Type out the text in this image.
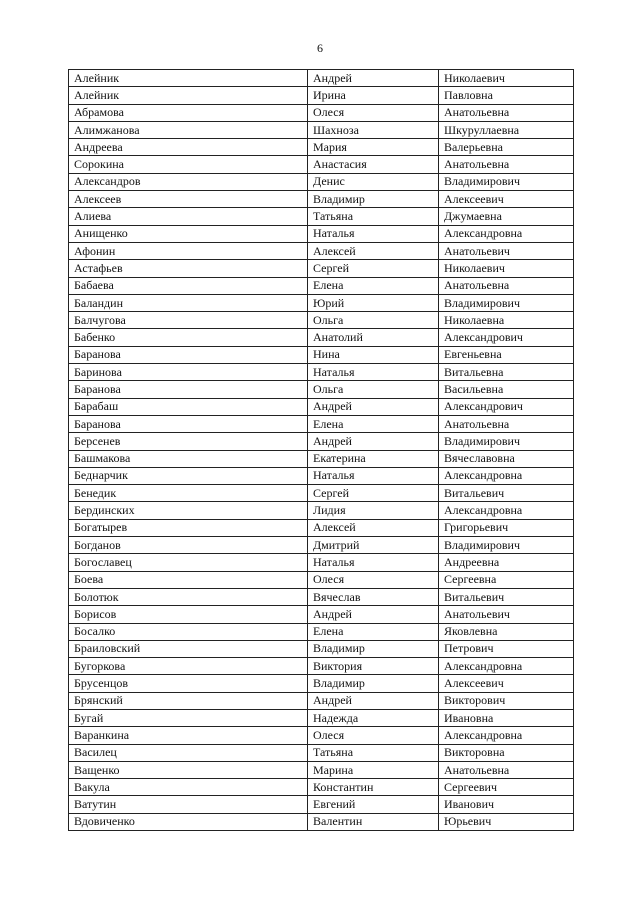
6
Алейник	Андрей	Николаевич
Алейник	Ирина	Павловна
Абрамова	Олеся	Анатольевна
Алимжанова	Шахноза	Шкуруллаевна
Андреева	Мария	Валерьевна
Сорокина	Анастасия	Анатольевна
Александров	Денис	Владимирович
Алексеев	Владимир	Алексеевич
Алиева	Татьяна	Джумаевна
Анищенко	Наталья	Александровна
Афонин	Алексей	Анатольевич
Астафьев	Сергей	Николаевич
Бабаева	Елена	Анатольевна
Баландин	Юрий	Владимирович
Балчугова	Ольга	Николаевна
Бабенко	Анатолий	Александрович
Баранова	Нина	Евгеньевна
Баринова	Наталья	Витальевна
Баранова	Ольга	Васильевна
Барабаш	Андрей	Александрович
Баранова	Елена	Анатольевна
Берсенев	Андрей	Владимирович
Башмакова	Екатерина	Вячеславовна
Беднарчик	Наталья	Александровна
Бенедик	Сергей	Витальевич
Бердинских	Лидия	Александровна
Богатырев	Алексей	Григорьевич
Богданов	Дмитрий	Владимирович
Богославец	Наталья	Андреевна
Боева	Олеся	Сергеевна
Болотюк	Вячеслав	Витальевич
Борисов	Андрей	Анатольевич
Босалко	Елена	Яковлевна
Браиловский	Владимир	Петрович
Бугоркова	Виктория	Александровна
Брусенцов	Владимир	Алексеевич
Брянский	Андрей	Викторович
Бугай	Надежда	Ивановна
Варанкина	Олеся	Александровна
Василец	Татьяна	Викторовна
Ващенко	Марина	Анатольевна
Вакула	Константин	Сергеевич
Ватутин	Евгений	Иванович
Вдовиченко	Валентин	Юрьевич
